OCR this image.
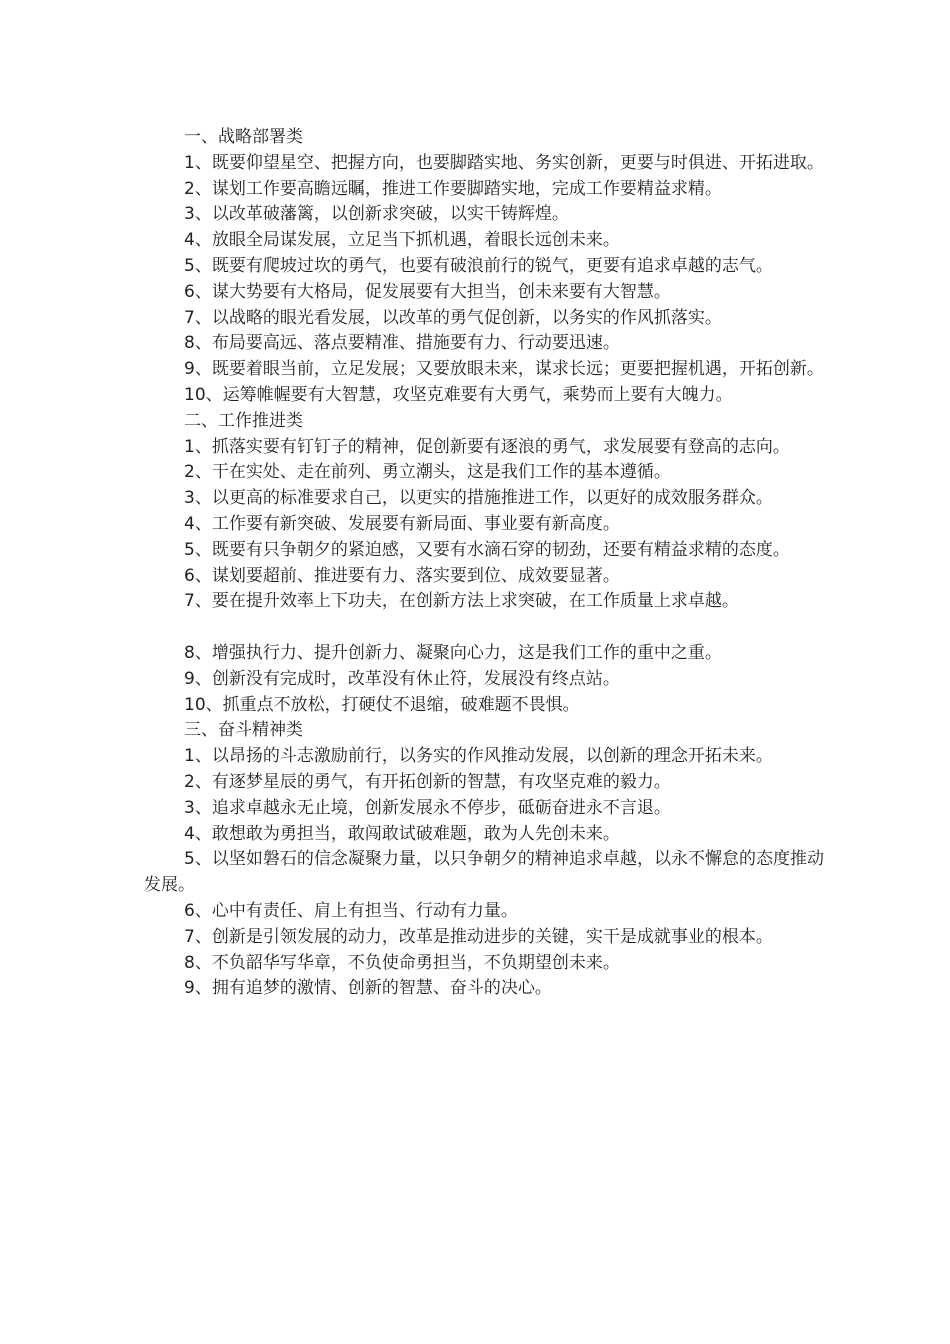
一、战略部署类

1、既要仰望星空、把握方向，也要脚踏实地、务实创新，更要与时俱进、开拓进取。

2、谋划工作要高瞻远瞩，推进工作要脚踏实地，完成工作要精益求精。

3、以改革破藩篱，以创新求突破，以实干铸辉煌。

4、放眼全局谋发展，立足当下抓机遇，着眼长远创未来。

5、既要有爬坡过坎的勇气，也要有破浪前行的锐气，更要有追求卓越的志气。

6、谋大势要有大格局，促发展要有大担当，创未来要有大智慧。

7、以战略的眼光看发展，以改革的勇气促创新，以务实的作风抓落实。

8、布局要高远、落点要精准、措施要有力、行动要迅速。

9、既要着眼当前，立足发展；又要放眼未来，谋求长远；更要把握机遇，开拓创新。

10、运筹帷幄要有大智慧，攻坚克难要有大勇气，乘势而上要有大魄力。

二、工作推进类

1、抓落实要有钉钉子的精神，促创新要有逐浪的勇气，求发展要有登高的志向。

2、干在实处、走在前列、勇立潮头，这是我们工作的基本遵循。

3、以更高的标准要求自己，以更实的措施推进工作，以更好的成效服务群众。

4、工作要有新突破、发展要有新局面、事业要有新高度。

5、既要有只争朝夕的紧迫感，又要有水滴石穿的韧劲，还要有精益求精的态度。

6、谋划要超前、推进要有力、落实要到位、成效要显著。

7、要在提升效率上下功夫，在创新方法上求突破，在工作质量上求卓越。

8、增强执行力、提升创新力、凝聚向心力，这是我们工作的重中之重。

9、创新没有完成时，改革没有休止符，发展没有终点站。

10、抓重点不放松，打硬仗不退缩，破难题不畏惧。

三、奋斗精神类

1、以昂扬的斗志激励前行，以务实的作风推动发展，以创新的理念开拓未来。

2、有逐梦星辰的勇气，有开拓创新的智慧，有攻坚克难的毅力。

3、追求卓越永无止境，创新发展永不停步，砥砺奋进永不言退。

4、敢想敢为勇担当，敢闯敢试破难题，敢为人先创未来。

5、以坚如磐石的信念凝聚力量，以只争朝夕的精神追求卓越，以永不懈怠的态度推动发展。

6、心中有责任、肩上有担当、行动有力量。

7、创新是引领发展的动力，改革是推动进步的关键，实干是成就事业的根本。

8、不负韶华写华章，不负使命勇担当，不负期望创未来。

9、拥有追梦的激情、创新的智慧、奋斗的决心。
